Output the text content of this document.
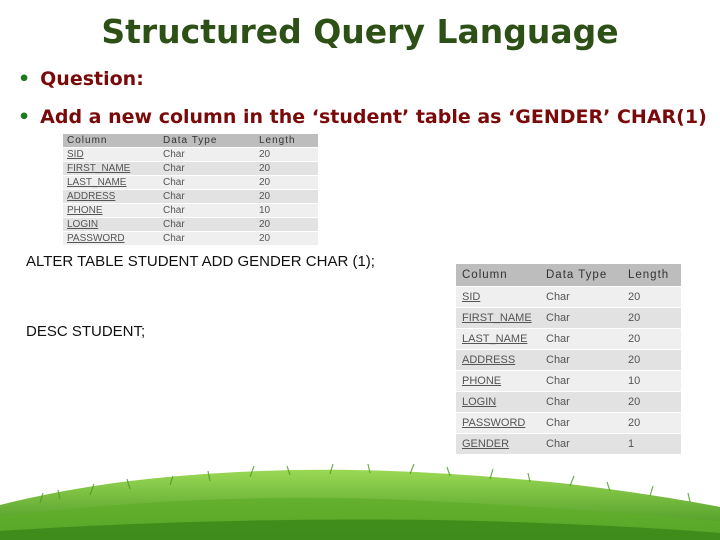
Structured Query Language
• Question:
• Add a new column in the ‘student’ table as ‘GENDER’ CHAR(1)
Column	Data Type	Length
SID	Char	20
FIRST_NAME	Char	20
LAST_NAME	Char	20
ADDRESS	Char	20
PHONE	Char	10
LOGIN	Char	20
PASSWORD	Char	20
ALTER TABLE STUDENT ADD GENDER CHAR (1);
DESC STUDENT;
Column	Data Type	Length
SID	Char	20
FIRST_NAME	Char	20
LAST_NAME	Char	20
ADDRESS	Char	20
PHONE	Char	10
LOGIN	Char	20
PASSWORD	Char	20
GENDER	Char	1
